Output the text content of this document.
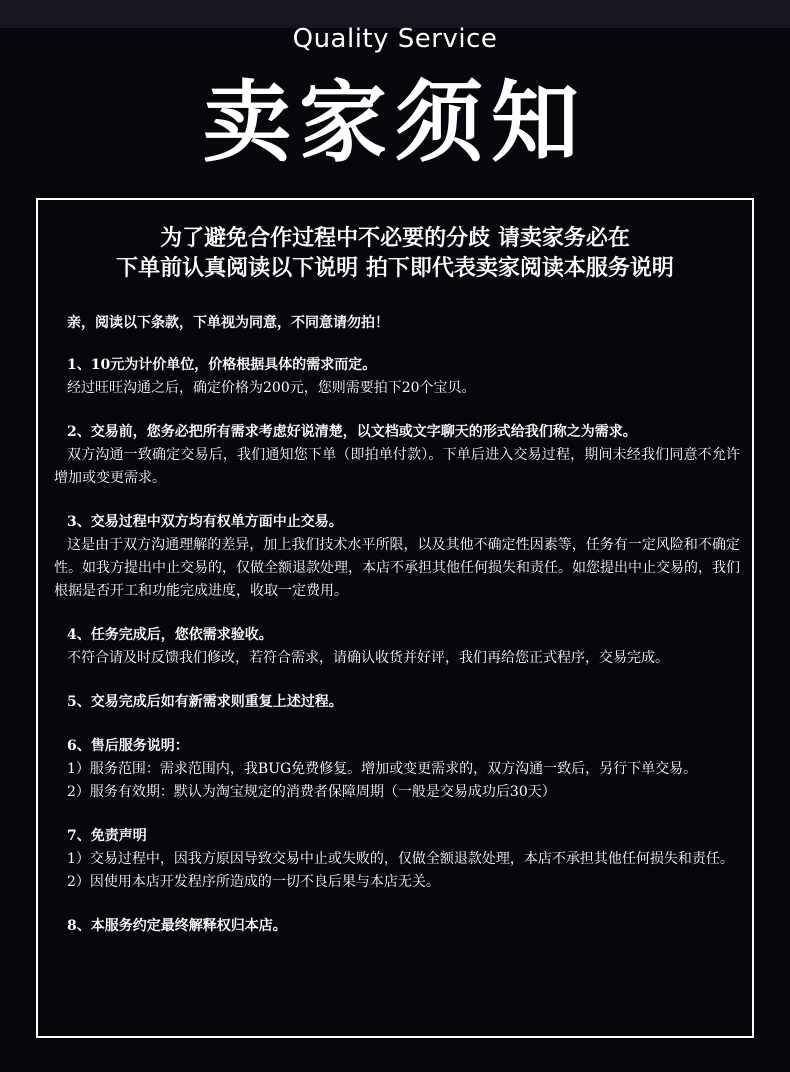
Quality Service
卖家须知
为了避免合作过程中不必要的分歧 请卖家务必在
下单前认真阅读以下说明 拍下即代表卖家阅读本服务说明
亲，阅读以下条款，下单视为同意，不同意请勿拍！
1、10元为计价单位，价格根据具体的需求而定。
经过旺旺沟通之后，确定价格为200元，您则需要拍下20个宝贝。
2、交易前，您务必把所有需求考虑好说清楚，以文档或文字聊天的形式给我们称之为需求。
双方沟通一致确定交易后，我们通知您下单（即拍单付款）。下单后进入交易过程，期间未经我们同意不允许增加或变更需求。
3、交易过程中双方均有权单方面中止交易。
这是由于双方沟通理解的差异，加上我们技术水平所限，以及其他不确定性因素等，任务有一定风险和不确定性。如我方提出中止交易的，仅做全额退款处理，本店不承担其他任何损失和责任。如您提出中止交易的，我们根据是否开工和功能完成进度，收取一定费用。
4、任务完成后，您依需求验收。
不符合请及时反馈我们修改，若符合需求，请确认收货并好评，我们再给您正式程序，交易完成。
5、交易完成后如有新需求则重复上述过程。
6、售后服务说明：
1）服务范围：需求范围内，我BUG免费修复。增加或变更需求的，双方沟通一致后，另行下单交易。
2）服务有效期：默认为淘宝规定的消费者保障周期（一般是交易成功后30天）
7、免责声明
1）交易过程中，因我方原因导致交易中止或失败的，仅做全额退款处理，本店不承担其他任何损失和责任。
2）因使用本店开发程序所造成的一切不良后果与本店无关。
8、本服务约定最终解释权归本店。
